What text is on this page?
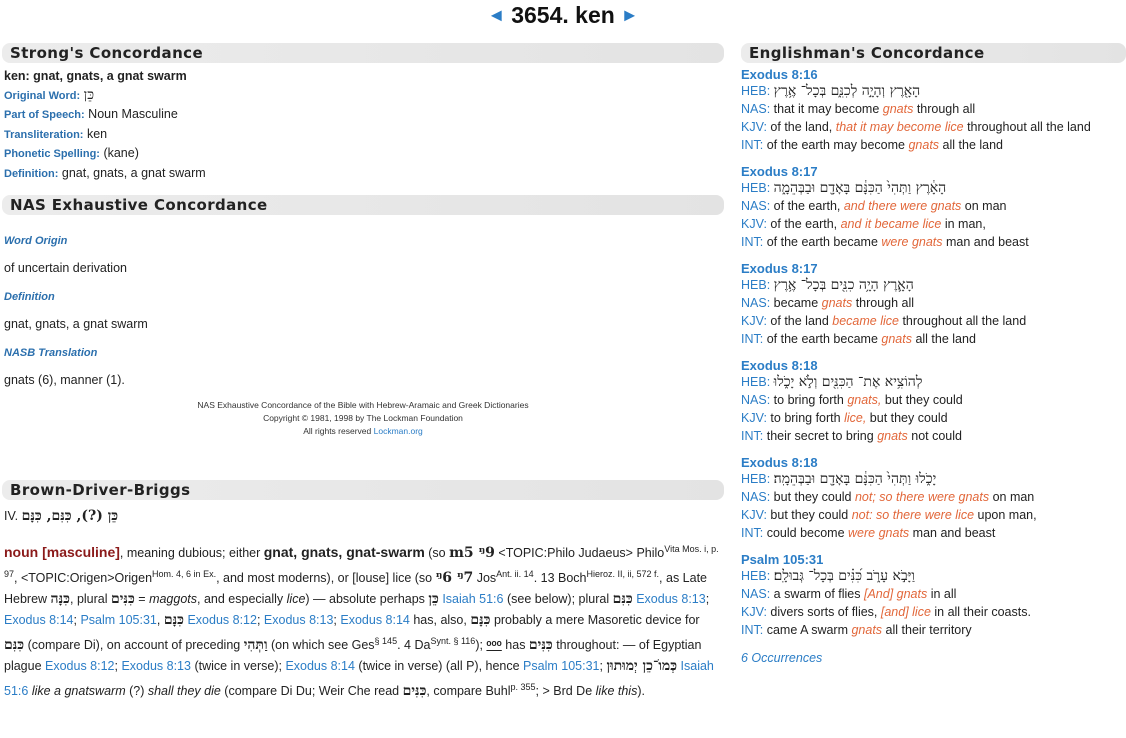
◄ 3654. ken ►
Strong's Concordance
ken: gnat, gnats, a gnat swarm
Original Word: כֵּן
Part of Speech: Noun Masculine
Transliteration: ken
Phonetic Spelling: (kane)
Definition: gnat, gnats, a gnat swarm
NAS Exhaustive Concordance
Word Origin
of uncertain derivation
Definition
gnat, gnats, a gnat swarm
NASB Translation
gnats (6), manner (1).
NAS Exhaustive Concordance of the Bible with Hebrew-Aramaic and Greek Dictionaries
Copyright © 1981, 1998 by The Lockman Foundation
All rights reserved Lockman.org
Brown-Driver-Briggs
IV. כֵּן (?), כִּנִּם, כִּנָּם
noun [masculine], meaning dubious; either gnat, gnats, gnat-swarm (so m5 ᵑ9 <TOPIC:Philo Judaeus> Philo$^{Vita Mos. i, p. 97}$, <TOPIC:Origen>Origen$^{Hom. 4, 6 in Ex.}$, and most moderns), or [louse] lice (so ᵑ6 ᵑ7 Jos$^{Ant. ii. 14}$. 13 Boch$^{Hieroz. II, ii, 572 f.}$, as Late Hebrew כִּנָּה, plural כִּנִּים = maggots, and especially lice) — absolute perhaps כֵּן Isaiah 51:6 (see below); plural כִּנִּם Exodus 8:13; Exodus 8:14; Psalm 105:31, כִּנָּם Exodus 8:12; Exodus 8:13; Exodus 8:14 has, also, כִּנָּם probably a mere Masoretic device for כִּנִּם (compare Di), on account of preceding וַתְּהִי (on which see Ges$^{\S 145}$. 4 $Da^{Synt. \S 116}$); ᵒᵒᵒ has כִּנִּים throughout: — of Egyptian plague Exodus 8:12; Exodus 8:13 (twice in verse); Exodus 8:14 (twice in verse) (all P), hence Psalm 105:31; כְּמוֺ־כֵן יְמוּתוּן Isaiah 51:6 like a gnatswarm (?) shall they die (compare Di Du; Weir Che read כִּנִּים, compare Buhl$^{p. 355}$; > Brd De like this).
Englishman's Concordance
Exodus 8:16
HEB: הָאָ֖רֶץ וְהָיָ֣ה לְכִנִּ֑ם בְּכָל־ אֶ֥רֶץ
NAS: that it may become gnats through all
KJV: of the land, that it may become lice throughout all the land
INT: of the earth may become gnats all the land
Exodus 8:17
HEB: הָאָ֔רֶץ וַתְּהִי֙ הַכִּנָּ֔ם בָּאָדָ֖ם וּבַבְּהֵמָ֑ה
NAS: of the earth, and there were gnats on man
KJV: of the earth, and it became lice in man,
INT: of the earth became were gnats man and beast
Exodus 8:17
HEB: הָאָ֛רֶץ הָיָ֥ה כִנִּ֖ים בְּכָל־ אֶ֥רֶץ
NAS: became gnats through all
KJV: of the land became lice throughout all the land
INT: of the earth became gnats all the land
Exodus 8:18
HEB: לְהוֹצִ֥יא אֶת־ הַכִּנִּ֖ים וְלֹ֣א יָכֹ֑לוּ
NAS: to bring forth gnats, but they could
KJV: to bring forth lice, but they could
INT: their secret to bring gnats not could
Exodus 8:18
HEB: יָכֹ֑לוּ וַתְּהִי֙ הַכִּנָּ֔ם בָּאָדָ֖ם וּבַבְּהֵמָֽה׃
NAS: but they could not; so there were gnats on man
KJV: but they could not: so there were lice upon man,
INT: could become were gnats man and beast
Psalm 105:31
HEB: וַיָּבֹ֣א עָרֹ֑ב כִּ֝נִּ֗ים בְּכָל־ גְּבוּלָֽם׃
NAS: a swarm of flies [And] gnats in all
KJV: divers sorts of flies, [and] lice in all their coasts.
INT: came A swarm gnats all their territory
6 Occurrences
